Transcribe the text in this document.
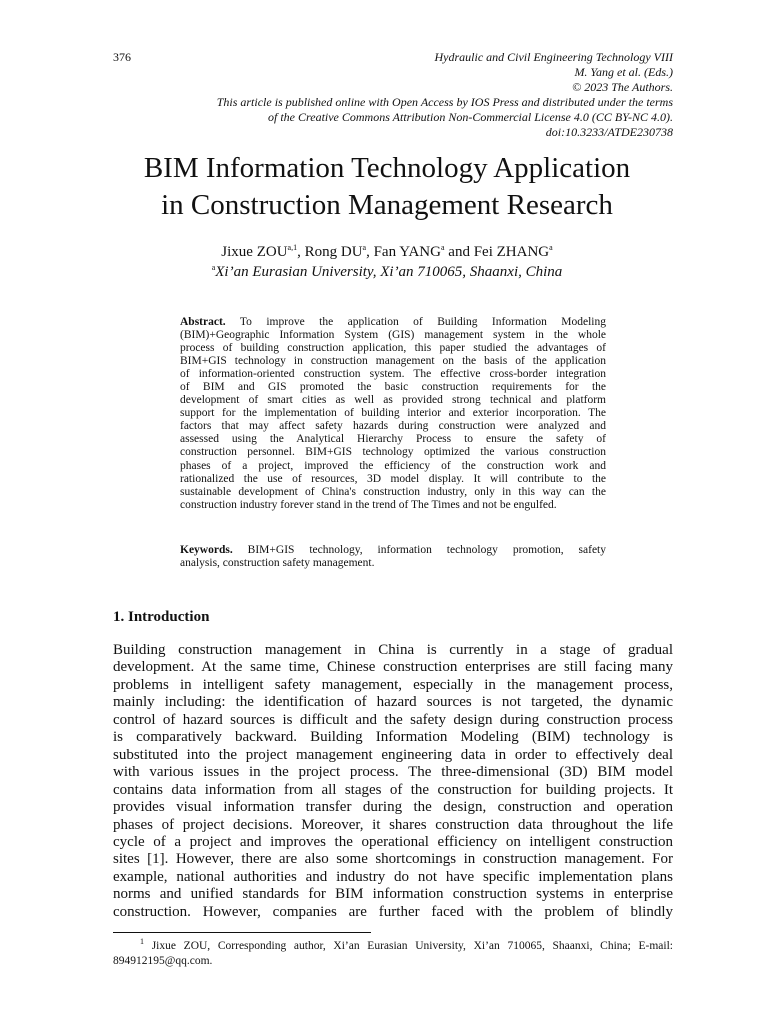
376	Hydraulic and Civil Engineering Technology VIII
M. Yang et al. (Eds.)
© 2023 The Authors.
This article is published online with Open Access by IOS Press and distributed under the terms
of the Creative Commons Attribution Non-Commercial License 4.0 (CC BY-NC 4.0).
doi:10.3233/ATDE230738
BIM Information Technology Application
in Construction Management Research
Jixue ZOU$^{a,1}$, Rong $DU^a$, Fan YANG$^a$ and Fei ZHANG$^a$
$^a$Xi’an Eurasian University, Xi’an 710065, Shaanxi, China
Abstract. To improve the application of Building Information Modeling
(BIM)+Geographic Information System (GIS) management system in the whole
process of building construction application, this paper studied the advantages of
BIM+GIS technology in construction management on the basis of the application
of information-oriented construction system. The effective cross-border integration
of BIM and GIS promoted the basic construction requirements for the
development of smart cities as well as provided strong technical and platform
support for the implementation of building interior and exterior incorporation. The
factors that may affect safety hazards during construction were analyzed and
assessed using the Analytical Hierarchy Process to ensure the safety of
construction personnel. BIM+GIS technology optimized the various construction
phases of a project, improved the efficiency of the construction work and
rationalized the use of resources, 3D model display. It will contribute to the
sustainable development of China's construction industry, only in this way can the
construction industry forever stand in the trend of The Times and not be engulfed.
Keywords. BIM+GIS technology, information technology promotion, safety
analysis, construction safety management.
1. Introduction
Building construction management in China is currently in a stage of gradual
development. At the same time, Chinese construction enterprises are still facing many
problems in intelligent safety management, especially in the management process,
mainly including: the identification of hazard sources is not targeted, the dynamic
control of hazard sources is difficult and the safety design during construction process
is comparatively backward. Building Information Modeling (BIM) technology is
substituted into the project management engineering data in order to effectively deal
with various issues in the project process. The three-dimensional (3D) BIM model
contains data information from all stages of the construction for building projects. It
provides visual information transfer during the design, construction and operation
phases of project decisions. Moreover, it shares construction data throughout the life
cycle of a project and improves the operational efficiency on intelligent construction
sites [1]. However, there are also some shortcomings in construction management. For
example, national authorities and industry do not have specific implementation plans
norms and unified standards for BIM information construction systems in enterprise
construction. However, companies are further faced with the problem of blindly
$^1$ Jixue ZOU, Corresponding author, Xi’an Eurasian University, Xi’an 710065, Shaanxi, China; E-mail:
894912195@qq.com.
